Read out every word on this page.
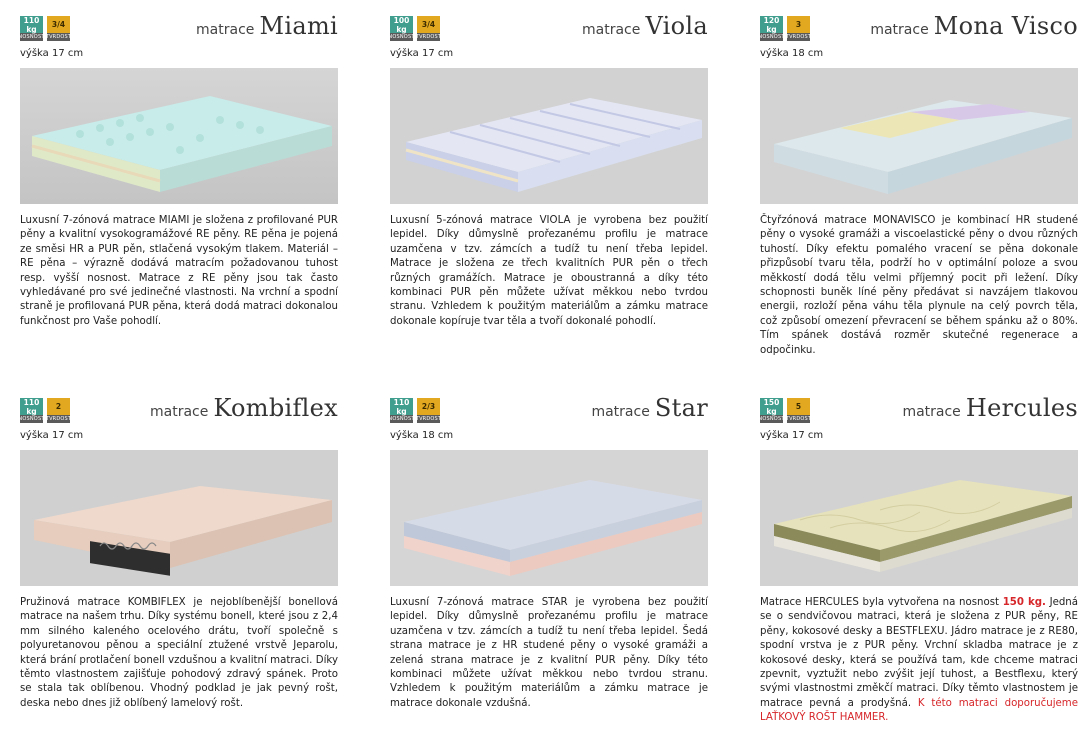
110 kg
NOSNOST
3/4
TVRDOST	matrace Miami
výška 17 cm

Luxusní 7-zónová matrace MIAMI je složena z profilované PUR pěny a kvalitní vysokogramážové RE pěny. RE pěna je pojená ze směsi HR a PUR pěn, stlačená vysokým tlakem. Materiál – RE pěna – výrazně dodává matracím požadovanou tuhost resp. vyšší nosnost. Matrace z RE pěny jsou tak často vyhledávané pro své jedinečné vlastnosti. Na vrchní a spodní straně je profilovaná PUR pěna, která dodá matraci dokonalou funkčnost pro Vaše pohodlí.

100 kg
NOSNOST
3/4
TVRDOST	matrace Viola
výška 17 cm

Luxusní 5-zónová matrace VIOLA je vyrobena bez použití lepidel. Díky důmyslně prořezanému profilu je matrace uzamčena v tzv. zámcích a tudíž tu není třeba lepidel. Matrace je složena ze třech kvalitních PUR pěn o třech různých gramážích. Matrace je oboustranná a díky této kombinaci PUR pěn můžete užívat měkkou nebo tvrdou stranu. Vzhledem k použitým materiálům a zámku matrace dokonale kopíruje tvar těla a tvoří dokonalé pohodlí.

120 kg
NOSNOST
3
TVRDOST	matrace Mona Visco
výška 18 cm

Čtyřzónová matrace MONAVISCO je kombinací HR studené pěny o vysoké gramáži a viscoelastické pěny o dvou různých tuhostí. Díky efektu pomalého vracení se pěna dokonale přizpůsobí tvaru těla, podrží ho v optimální poloze a svou měkkostí dodá tělu velmi příjemný pocit při ležení. Díky schopnosti buněk líné pěny předávat si navzájem tlakovou energii, rozloží pěna váhu těla plynule na celý povrch těla, což způsobí omezení převracení se během spánku až o 80%. Tím spánek dostává rozměr skutečné regenerace a odpočinku.

110 kg
NOSNOST
2
TVRDOST	matrace Kombiflex
výška 17 cm

Pružinová matrace KOMBIFLEX je nejoblíbenější bonellová matrace na našem trhu. Díky systému bonell, které jsou z 2,4 mm silného kaleného ocelového drátu, tvoří společně s polyuretanovou pěnou a speciální ztužené vrstvě Jeparolu, která brání protlačení bonell vzdušnou a kvalitní matraci. Díky těmto vlastnostem zajišťuje pohodový zdravý spánek. Proto se stala tak oblíbenou. Vhodný podklad je jak pevný rošt, deska nebo dnes již oblíbený lamelový rošt.

110 kg
NOSNOST
2/3
TVRDOST	matrace Star
výška 18 cm

Luxusní 7-zónová matrace STAR je vyrobena bez použití lepidel. Díky důmyslně prořezanému profilu je matrace uzamčena v tzv. zámcích a tudíž tu není třeba lepidel. Šedá strana matrace je z HR studené pěny o vysoké gramáži a zelená strana matrace je z kvalitní PUR pěny. Díky této kombinaci můžete užívat měkkou nebo tvrdou stranu. Vzhledem k použitým materiálům a zámku matrace je matrace dokonale vzdušná.

150 kg
NOSNOST
5
TVRDOST	matrace Hercules
výška 17 cm

Matrace HERCULES byla vytvořena na nosnost 150 kg. Jedná se o sendvičovou matraci, která je složena z PUR pěny, RE pěny, kokosové desky a BESTFLEXU. Jádro matrace je z RE80, spodní vrstva je z PUR pěny. Vrchní skladba matrace je z kokosové desky, která se používá tam, kde chceme matraci zpevnit, vyztužit nebo zvýšit její tuhost, a Bestflexu, který svými vlastnostmi změkčí matraci. Díky těmto vlastnostem je matrace pevná a prodyšná. K této matraci doporučujeme LAŤKOVÝ ROŠT HAMMER.
